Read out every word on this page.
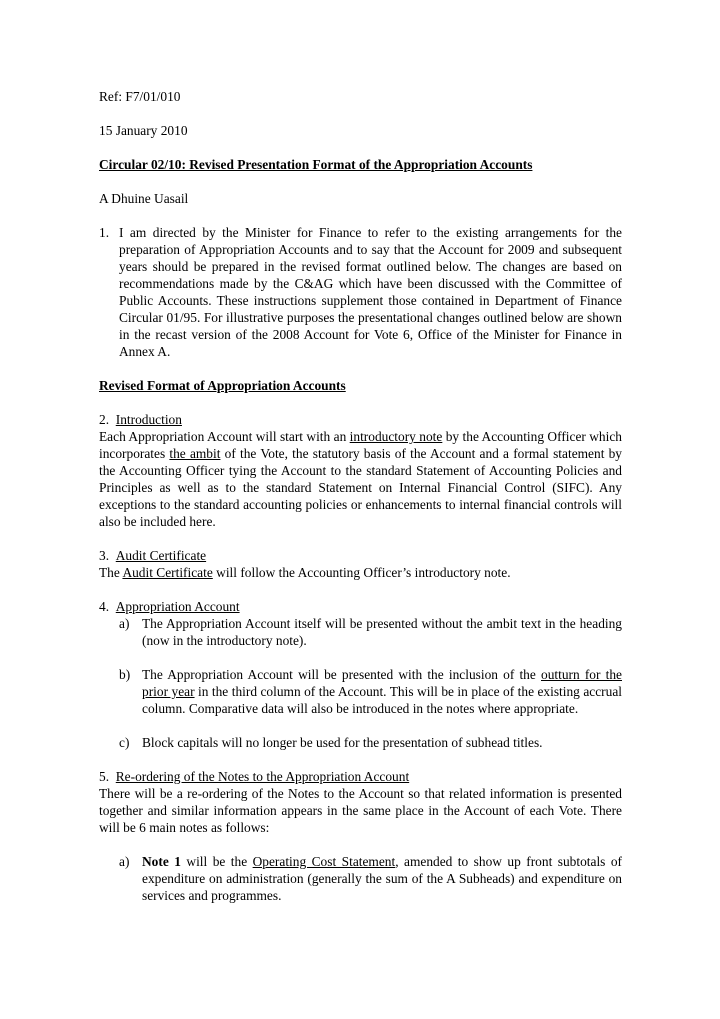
Ref: F7/01/010

15 January 2010

Circular 02/10: Revised Presentation Format of the Appropriation Accounts

A Dhuine Uasail

1. I am directed by the Minister for Finance to refer to the existing arrangements for the preparation of Appropriation Accounts and to say that the Account for 2009 and subsequent years should be prepared in the revised format outlined below. The changes are based on recommendations made by the C&AG which have been discussed with the Committee of Public Accounts. These instructions supplement those contained in Department of Finance Circular 01/95. For illustrative purposes the presentational changes outlined below are shown in the recast version of the 2008 Account for Vote 6, Office of the Minister for Finance in Annex A.

Revised Format of Appropriation Accounts

2. Introduction

Each Appropriation Account will start with an introductory note by the Accounting Officer which incorporates the ambit of the Vote, the statutory basis of the Account and a formal statement by the Accounting Officer tying the Account to the standard Statement of Accounting Policies and Principles as well as to the standard Statement on Internal Financial Control (SIFC). Any exceptions to the standard accounting policies or enhancements to internal financial controls will also be included here.

3. Audit Certificate

The Audit Certificate will follow the Accounting Officer’s introductory note.

4. Appropriation Account

a) The Appropriation Account itself will be presented without the ambit text in the heading (now in the introductory note).

b) The Appropriation Account will be presented with the inclusion of the outturn for the prior year in the third column of the Account. This will be in place of the existing accrual column. Comparative data will also be introduced in the notes where appropriate.

c) Block capitals will no longer be used for the presentation of subhead titles.

5. Re-ordering of the Notes to the Appropriation Account

There will be a re-ordering of the Notes to the Account so that related information is presented together and similar information appears in the same place in the Account of each Vote. There will be 6 main notes as follows:

a) Note 1 will be the Operating Cost Statement, amended to show up front subtotals of expenditure on administration (generally the sum of the A Subheads) and expenditure on services and programmes.
